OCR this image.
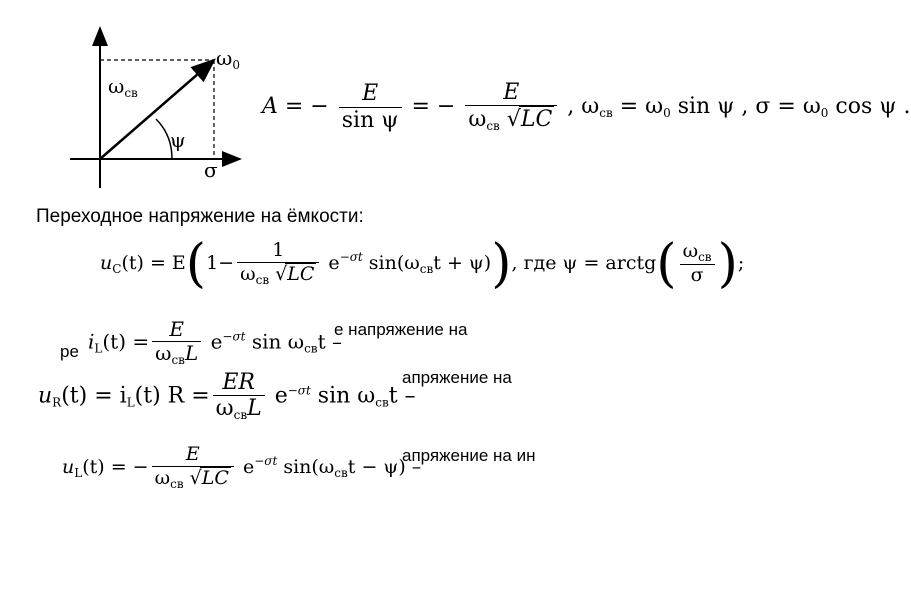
$\omega_0$
$\omega_{св}$
ψ
σ
A = − $\frac{E}{\text{sin ψ}}$ = − $\frac{E}{\omega_{св} √LC}$ , $\omega_{св} = \omega_0$ sin ψ , $\sigma = \omega_0$ cos ψ .
Переходное напряжение на ёмкости:
$u_C(t) = E(1- \frac{1}{\omega_{св} √LC} e^{-\sigma t}$ $\sin(\omega_{св}t + \psi)$), где ψ = arctg( $\frac{\omega_{св}}{\sigma}$ );
ре $i_L(t) = \frac{E}{\omega_{св}L} e^{-\sigma t}$ $\sin \omega_{св}t$ –
е напряжение на
$u_R(t) = i_L(t) R = \frac{ER}{\omega_{св}L} e^{-\sigma t}$ $\sin \omega_{св}t$ –
апряжение на
$u_L(t)$ = − $\frac{E}{\omega_{св} √LC} e^{-\sigma t}$ $\sin(\omega_{св}t - \psi)$ –
апряжение на ин
